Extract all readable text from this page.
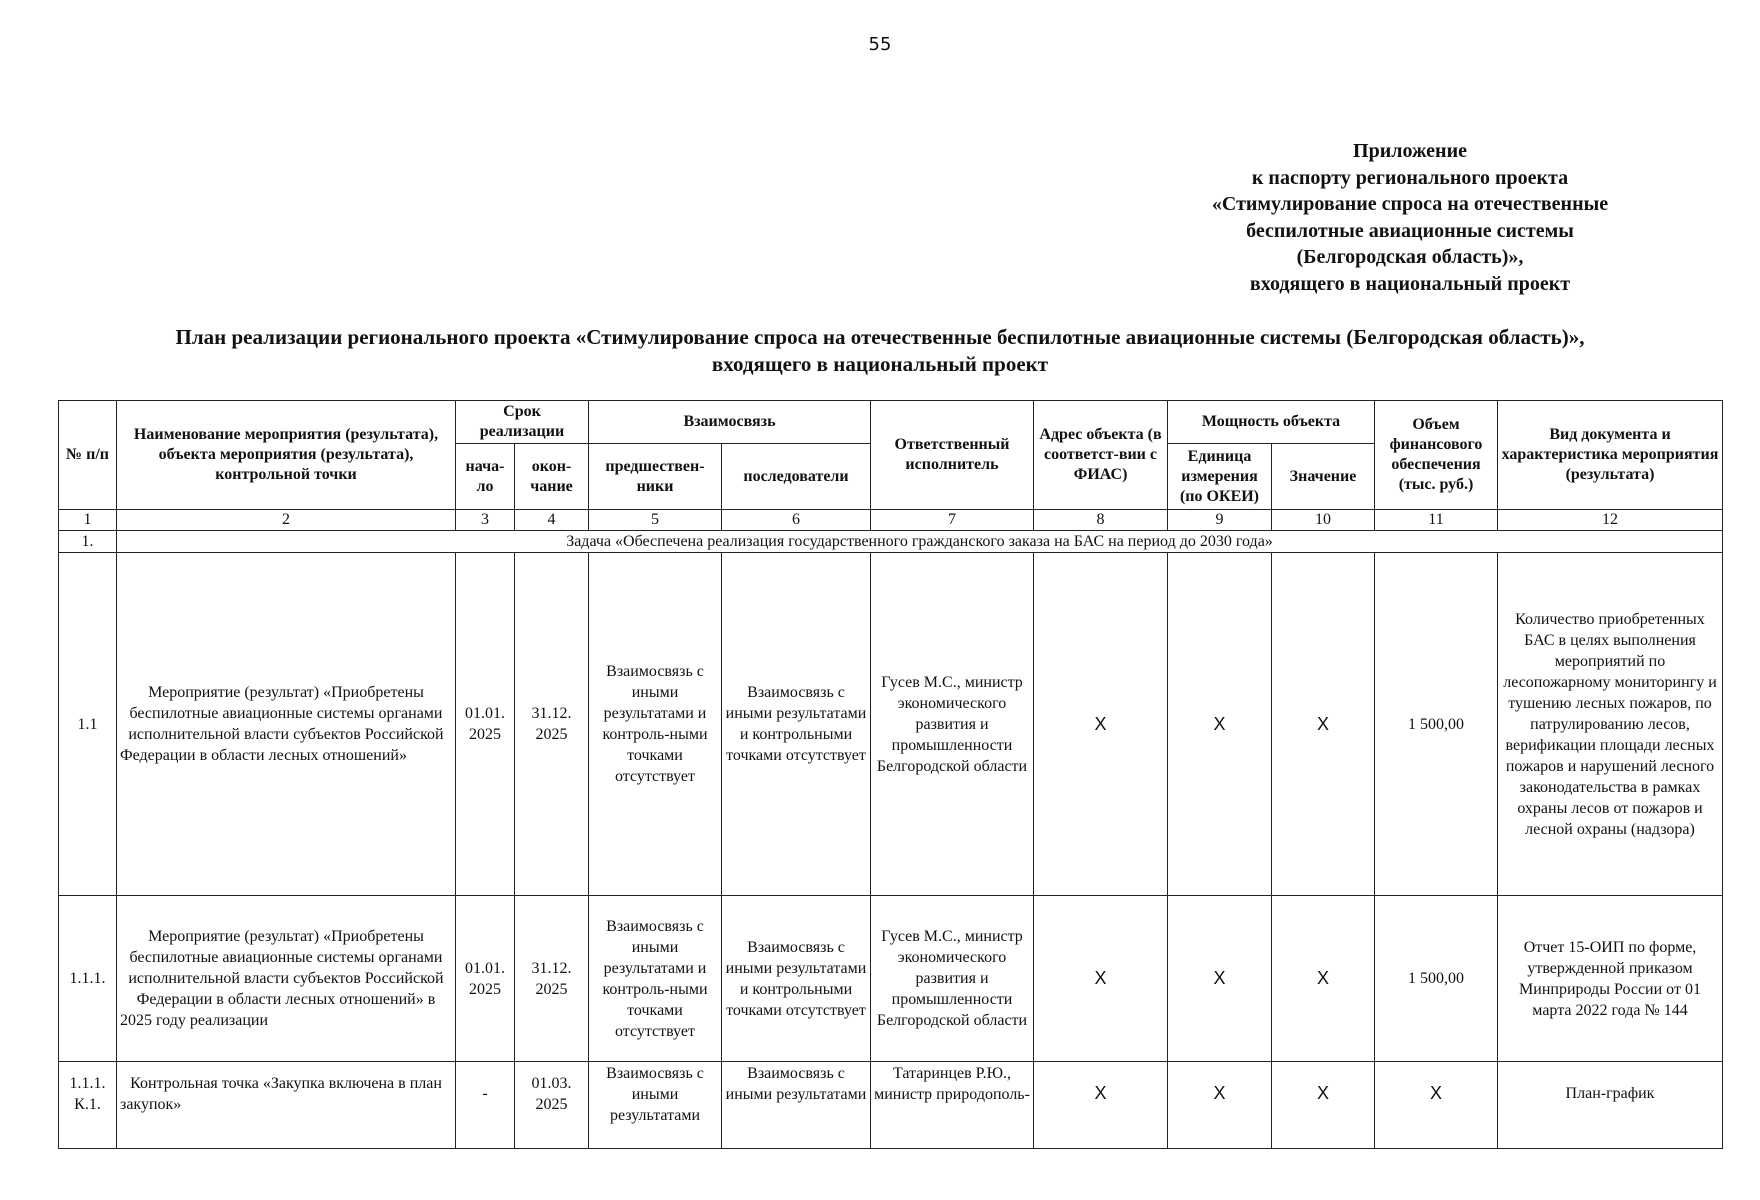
55
Приложение
к паспорту регионального проекта
«Стимулирование спроса на отечественные
беспилотные авиационные системы
(Белгородская область)»,
входящего в национальный проект
План реализации регионального проекта «Стимулирование спроса на отечественные беспилотные авиационные системы (Белгородская область)»,
входящего в национальный проект
№ п/п	Наименование мероприятия (результата), объекта мероприятия (результата), контрольной точки	Срок реализации		Взаимосвязь		Ответственный исполнитель	Адрес объекта (в соответст-вии с ФИАС)	Мощность объекта		Объем финансового обеспечения (тыс. руб.)	Вид документа и характеристика мероприятия (результата)
		нача-ло	окон-чание	предшествен-ники	последователи			Единица измерения (по ОКЕИ)	Значение		
1	2	3	4	5	6	7	8	9	10	11	12
1.	Задача «Обеспечена реализация государственного гражданского заказа на БАС на период до 2030 года»										
1.1	Мероприятие (результат) «Приобретены беспилотные авиационные системы органами исполнительной власти субъектов Российской Федерации в области лесных отношений»	01.01. 2025	31.12. 2025	Взаимосвязь с иными результатами и контроль-ными точками отсутствует	Взаимосвязь с иными результатами и контрольными точками отсутствует	Гусев М.С., министр экономического развития и промышленности Белгородской области	X	X	X	1 500,00	Количество приобретенных БАС в целях выполнения мероприятий по лесопожарному мониторингу и тушению лесных пожаров, по патрулированию лесов, верификации площади лесных пожаров и нарушений лесного законодательства в рамках охраны лесов от пожаров и лесной охраны (надзора)
1.1.1.	Мероприятие (результат) «Приобретены беспилотные авиационные системы органами исполнительной власти субъектов Российской Федерации в области лесных отношений» в 2025 году реализации	01.01. 2025	31.12. 2025	Взаимосвязь с иными результатами и контроль-ными точками отсутствует	Взаимосвязь с иными результатами и контрольными точками отсутствует	Гусев М.С., министр экономического развития и промышленности Белгородской области	X	X	X	1 500,00	Отчет 15-ОИП по форме, утвержденной приказом Минприроды России от 01 марта 2022 года № 144

1.1.1. К.1.	Контрольная точка «Закупка включена в план закупок»	-	01.03. 2025	Взаимосвязь с иными результатами	Взаимосвязь с иными результатами	Татаринцев Р.Ю., министр природополь-	X	X	X	X	План-график
